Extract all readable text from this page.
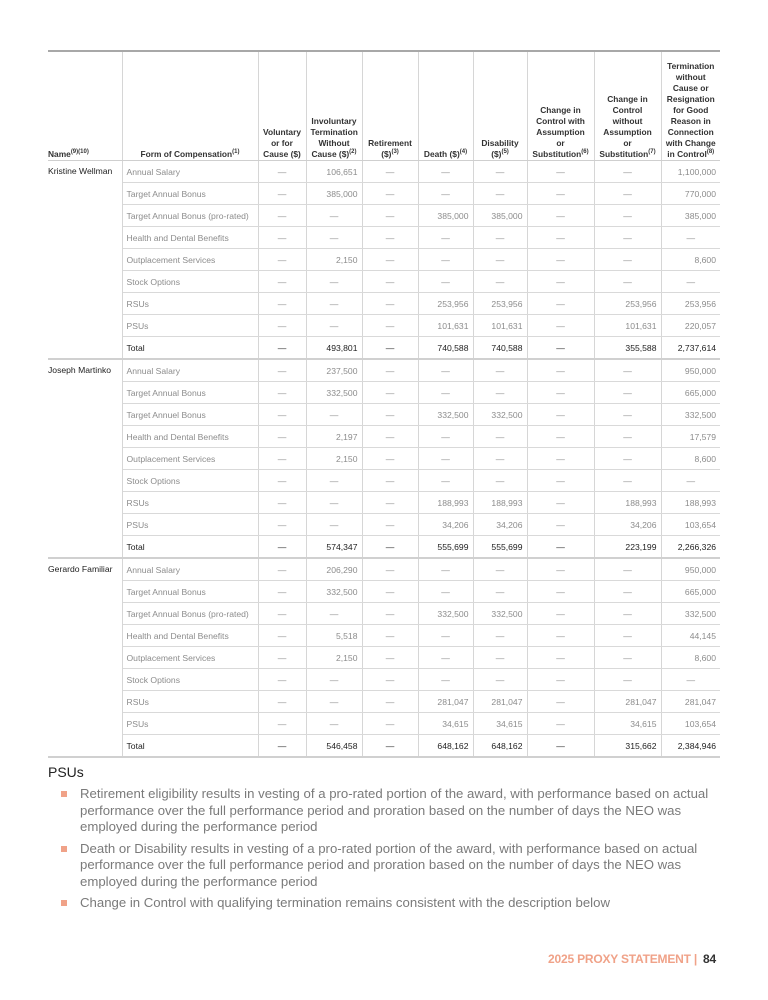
Name$^{(9)(10)}$	Form of Compensation$^{(1)}$	Voluntary or for Cause ($)	Involuntary Termination Without Cause ($)$^{(2)}$	Retirement ($)$^{(3)}$	Death ($)$^{(4)}$	Disability ($)$^{(5)}$	Change in Control with Assumption or Substitution$^{(6)}$	Change in Control without Assumption or Substitution$^{(7)}$	Termination without Cause or Resignation for Good Reason in Connection with Change in Control$^{(8)}$
Kristine Wellman	Annual Salary	—	106,651	—	—	—	—	—	1,100,000
	Target Annual Bonus	—	385,000	—	—	—	—	—	770,000
	Target Annual Bonus (pro-rated)	—	—	—	385,000	385,000	—	—	385,000
	Health and Dental Benefits	—	—	—	—	—	—	—	—
	Outplacement Services	—	2,150	—	—	—	—	—	8,600
	Stock Options	—	—	—	—	—	—	—	—
	RSUs	—	—	—	253,956	253,956	—	253,956	253,956
	PSUs	—	—	—	101,631	101,631	—	101,631	220,057
	Total	—	493,801	—	740,588	740,588	—	355,588	2,737,614
Joseph Martinko	Annual Salary	—	237,500	—	—	—	—	—	950,000
	Target Annual Bonus	—	332,500	—	—	—	—	—	665,000
	Target Annuel Bonus	—	—	—	332,500	332,500	—	—	332,500
	Health and Dental Benefits	—	2,197	—	—	—	—	—	17,579
	Outplacement Services	—	2,150	—	—	—	—	—	8,600
	Stock Options	—	—	—	—	—	—	—	—
	RSUs	—	—	—	188,993	188,993	—	188,993	188,993
	PSUs	—	—	—	34,206	34,206	—	34,206	103,654
	Total	—	574,347	—	555,699	555,699	—	223,199	2,266,326
Gerardo Familiar	Annual Salary	—	206,290	—	—	—	—	—	950,000
	Target Annual Bonus	—	332,500	—	—	—	—	—	665,000
	Target Annual Bonus (pro-rated)	—	—	—	332,500	332,500	—	—	332,500
	Health and Dental Benefits	—	5,518	—	—	—	—	—	44,145
	Outplacement Services	—	2,150	—	—	—	—	—	8,600
	Stock Options	—	—	—	—	—	—	—	—
	RSUs	—	—	—	281,047	281,047	—	281,047	281,047
	PSUs	—	—	—	34,615	34,615	—	34,615	103,654
	Total	—	546,458	—	648,162	648,162	—	315,662	2,384,946
PSUs
Retirement eligibility results in vesting of a pro-rated portion of the award, with performance based on actual performance over the full performance period and proration based on the number of days the NEO was employed during the performance period
Death or Disability results in vesting of a pro-rated portion of the award, with performance based on actual performance over the full performance period and proration based on the number of days the NEO was employed during the performance period
Change in Control with qualifying termination remains consistent with the description below
2025 PROXY STATEMENT | 84
